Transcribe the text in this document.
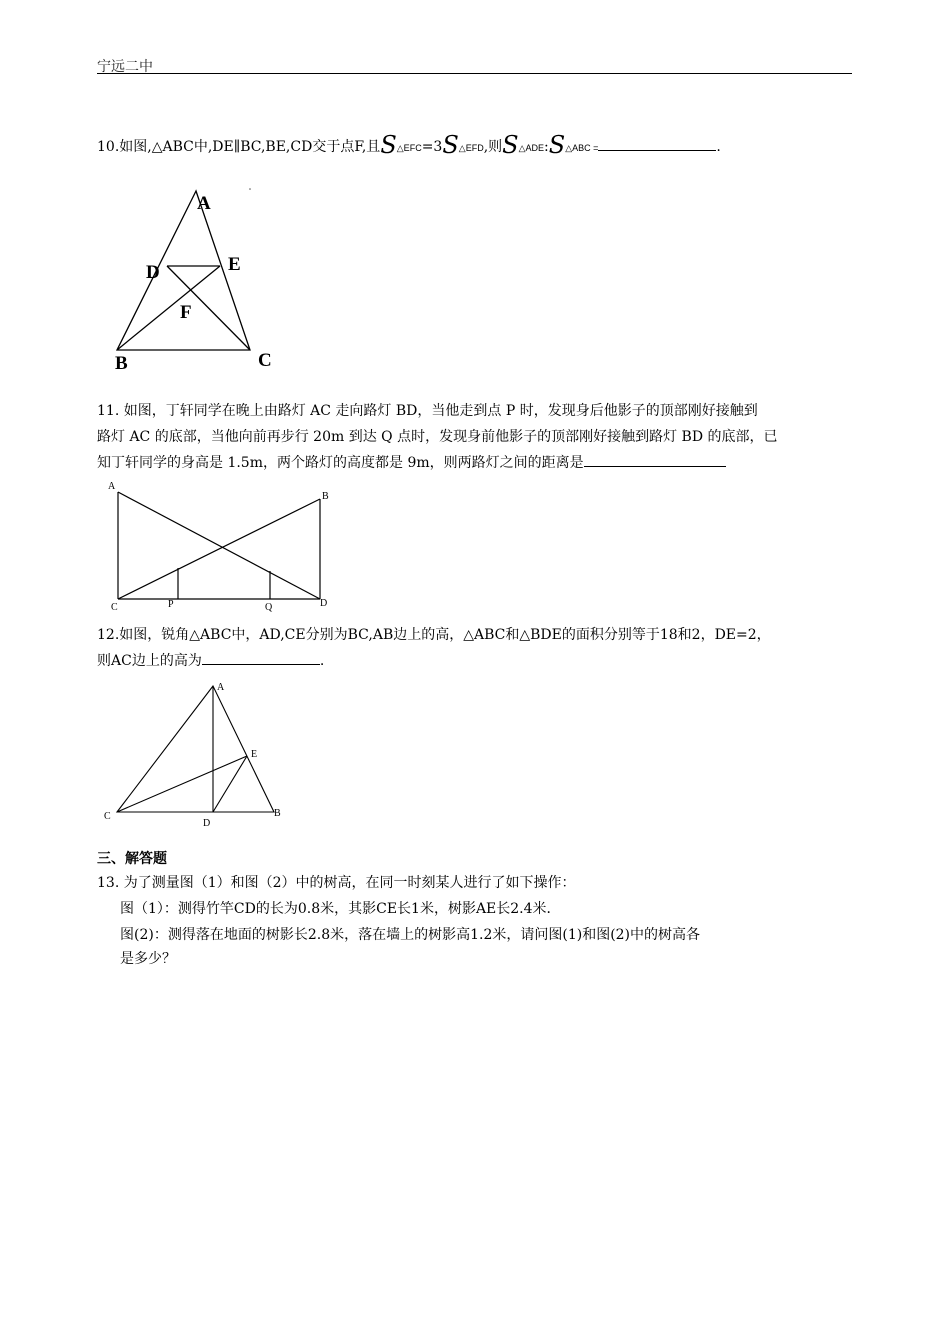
宁远二中
10.如图,△ABC中,DE∥BC,BE,CD交于点F,且S△EFC=3S△EFD,则S△ADE:S△ABC =	.
A
D	E
F
B	C
11. 如图，丁轩同学在晚上由路灯 AC 走向路灯 BD，当他走到点 P 时，发现身后他影子的顶部刚好接触到
路灯 AC 的底部，当他向前再步行 20m 到达 Q 点时，发现身前他影子的顶部刚好接触到路灯 BD 的底部，已
知丁轩同学的身高是 1.5m，两个路灯的高度都是 9m，则两路灯之间的距离是
A
B
C	P	Q	D
12.如图，锐角△ABC中，AD,CE分别为BC,AB边上的高，△ABC和△BDE的面积分别等于18和2，DE=2，
则AC边上的高为	.
A
E
C
D
B
三、解答题
13. 为了测量图（1）和图（2）中的树高，在同一时刻某人进行了如下操作：
图（1）：测得竹竿CD的长为0.8米，其影CE长1米，树影AE长2.4米．
图(2)：测得落在地面的树影长2.8米，落在墙上的树影高1.2米，请问图(1)和图(2)中的树高各
是多少？
